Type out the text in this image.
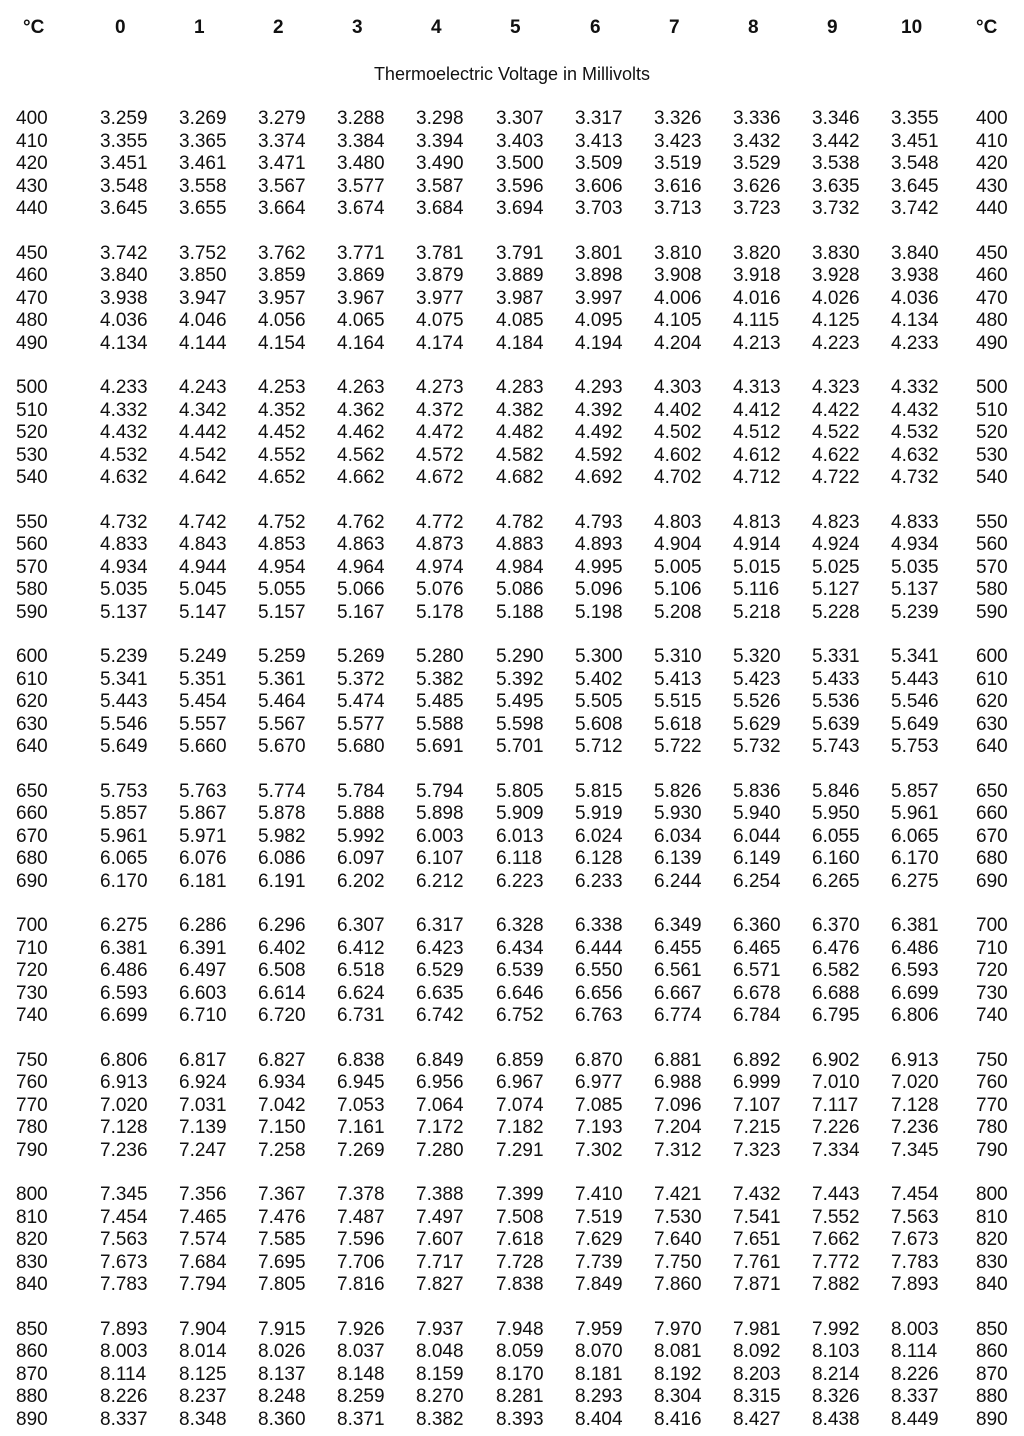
°C	0	1	2	3	4	5	6	7	8	9	10	°C
Thermoelectric Voltage in Millivolts
400	3.259 3.269 3.279 3.288 3.298 3.307 3.317 3.326 3.336 3.346 3.355 400
410	3.355 3.365 3.374 3.384 3.394 3.403 3.413 3.423 3.432 3.442 3.451 410
420	3.451 3.461 3.471 3.480 3.490 3.500 3.509 3.519 3.529 3.538 3.548 420
430	3.548 3.558 3.567 3.577 3.587 3.596 3.606 3.616 3.626 3.635 3.645 430
440	3.645 3.655 3.664 3.674 3.684 3.694 3.703 3.713 3.723 3.732 3.742 440
450	3.742 3.752 3.762 3.771 3.781 3.791 3.801 3.810 3.820 3.830 3.840 450
460	3.840 3.850 3.859 3.869 3.879 3.889 3.898 3.908 3.918 3.928 3.938 460
470	3.938 3.947 3.957 3.967 3.977 3.987 3.997 4.006 4.016 4.026 4.036 470
480	4.036 4.046 4.056 4.065 4.075 4.085 4.095 4.105 4.115 4.125 4.134 480
490	4.134 4.144 4.154 4.164 4.174 4.184 4.194 4.204 4.213 4.223 4.233 490
500	4.233 4.243 4.253 4.263 4.273 4.283 4.293 4.303 4.313 4.323 4.332 500
510	4.332 4.342 4.352 4.362 4.372 4.382 4.392 4.402 4.412 4.422 4.432 510
520	4.432 4.442 4.452 4.462 4.472 4.482 4.492 4.502 4.512 4.522 4.532 520
530	4.532 4.542 4.552 4.562 4.572 4.582 4.592 4.602 4.612 4.622 4.632 530
540	4.632 4.642 4.652 4.662 4.672 4.682 4.692 4.702 4.712 4.722 4.732 540
550	4.732 4.742 4.752 4.762 4.772 4.782 4.793 4.803 4.813 4.823 4.833 550
560	4.833 4.843 4.853 4.863 4.873 4.883 4.893 4.904 4.914 4.924 4.934 560
570	4.934 4.944 4.954 4.964 4.974 4.984 4.995 5.005 5.015 5.025 5.035 570
580	5.035 5.045 5.055 5.066 5.076 5.086 5.096 5.106 5.116 5.127 5.137 580
590	5.137 5.147 5.157 5.167 5.178 5.188 5.198 5.208 5.218 5.228 5.239 590
600	5.239 5.249 5.259 5.269 5.280 5.290 5.300 5.310 5.320 5.331 5.341 600
610	5.341 5.351 5.361 5.372 5.382 5.392 5.402 5.413 5.423 5.433 5.443 610
620	5.443 5.454 5.464 5.474 5.485 5.495 5.505 5.515 5.526 5.536 5.546 620
630	5.546 5.557 5.567 5.577 5.588 5.598 5.608 5.618 5.629 5.639 5.649 630
640	5.649 5.660 5.670 5.680 5.691 5.701 5.712 5.722 5.732 5.743 5.753 640
650	5.753 5.763 5.774 5.784 5.794 5.805 5.815 5.826 5.836 5.846 5.857 650
660	5.857 5.867 5.878 5.888 5.898 5.909 5.919 5.930 5.940 5.950 5.961 660
670	5.961 5.971 5.982 5.992 6.003 6.013 6.024 6.034 6.044 6.055 6.065 670
680	6.065 6.076 6.086 6.097 6.107 6.118 6.128 6.139 6.149 6.160 6.170 680
690	6.170 6.181 6.191 6.202 6.212 6.223 6.233 6.244 6.254 6.265 6.275 690
700	6.275 6.286 6.296 6.307 6.317 6.328 6.338 6.349 6.360 6.370 6.381 700
710	6.381 6.391 6.402 6.412 6.423 6.434 6.444 6.455 6.465 6.476 6.486 710
720	6.486 6.497 6.508 6.518 6.529 6.539 6.550 6.561 6.571 6.582 6.593 720
730	6.593 6.603 6.614 6.624 6.635 6.646 6.656 6.667 6.678 6.688 6.699 730
740	6.699 6.710 6.720 6.731 6.742 6.752 6.763 6.774 6.784 6.795 6.806 740
750	6.806 6.817 6.827 6.838 6.849 6.859 6.870 6.881 6.892 6.902 6.913 750
760	6.913 6.924 6.934 6.945 6.956 6.967 6.977 6.988 6.999 7.010 7.020 760
770	7.020 7.031 7.042 7.053 7.064 7.074 7.085 7.096 7.107 7.117 7.128 770
780	7.128 7.139 7.150 7.161 7.172 7.182 7.193 7.204 7.215 7.226 7.236 780
790	7.236 7.247 7.258 7.269 7.280 7.291 7.302 7.312 7.323 7.334 7.345 790
800	7.345 7.356 7.367 7.378 7.388 7.399 7.410 7.421 7.432 7.443 7.454 800
810	7.454 7.465 7.476 7.487 7.497 7.508 7.519 7.530 7.541 7.552 7.563 810
820	7.563 7.574 7.585 7.596 7.607 7.618 7.629 7.640 7.651 7.662 7.673 820
830	7.673 7.684 7.695 7.706 7.717 7.728 7.739 7.750 7.761 7.772 7.783 830
840	7.783 7.794 7.805 7.816 7.827 7.838 7.849 7.860 7.871 7.882 7.893 840
850	7.893 7.904 7.915 7.926 7.937 7.948 7.959 7.970 7.981 7.992 8.003 850
860	8.003 8.014 8.026 8.037 8.048 8.059 8.070 8.081 8.092 8.103 8.114 860
870	8.114 8.125 8.137 8.148 8.159 8.170 8.181 8.192 8.203 8.214 8.226 870
880	8.226 8.237 8.248 8.259 8.270 8.281 8.293 8.304 8.315 8.326 8.337 880
890	8.337 8.348 8.360 8.371 8.382 8.393 8.404 8.416 8.427 8.438 8.449 890
